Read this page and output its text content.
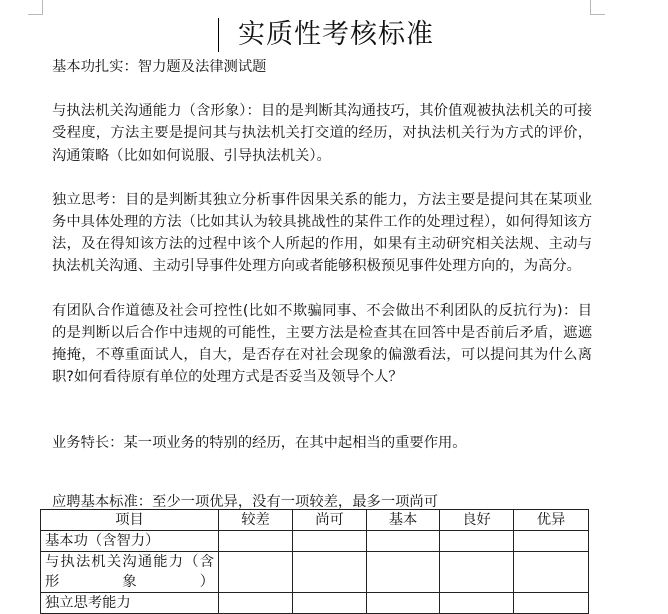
实质性考核标准

基本功扎实：智力题及法律测试题

与执法机关沟通能力（含形象）：目的是判断其沟通技巧，其价值观被执法机关的可接受程度，方法主要是提问其与执法机关打交道的经历，对执法机关行为方式的评价，沟通策略（比如如何说服、引导执法机关）。

独立思考：目的是判断其独立分析事件因果关系的能力，方法主要是提问其在某项业务中具体处理的方法（比如其认为较具挑战性的某件工作的处理过程），如何得知该方法，及在得知该方法的过程中该个人所起的作用，如果有主动研究相关法规、主动与执法机关沟通、主动引导事件处理方向或者能够积极预见事件处理方向的，为高分。

有团队合作道德及社会可控性(比如不欺骗同事、不会做出不利团队的反抗行为)：目的是判断以后合作中违规的可能性，主要方法是检查其在回答中是否前后矛盾，遮遮掩掩，不尊重面试人，自大，是否存在对社会现象的偏激看法，可以提问其为什么离职?如何看待原有单位的处理方式是否妥当及领导个人？

业务特长：某一项业务的特别的经历，在其中起相当的重要作用。

应聘基本标准：至少一项优异，没有一项较差，最多一项尚可

项目	较差	尚可	基本	良好	优异
基本功（含智力）					
与执法机关沟通能力（含形象）					
独立思考能力					
